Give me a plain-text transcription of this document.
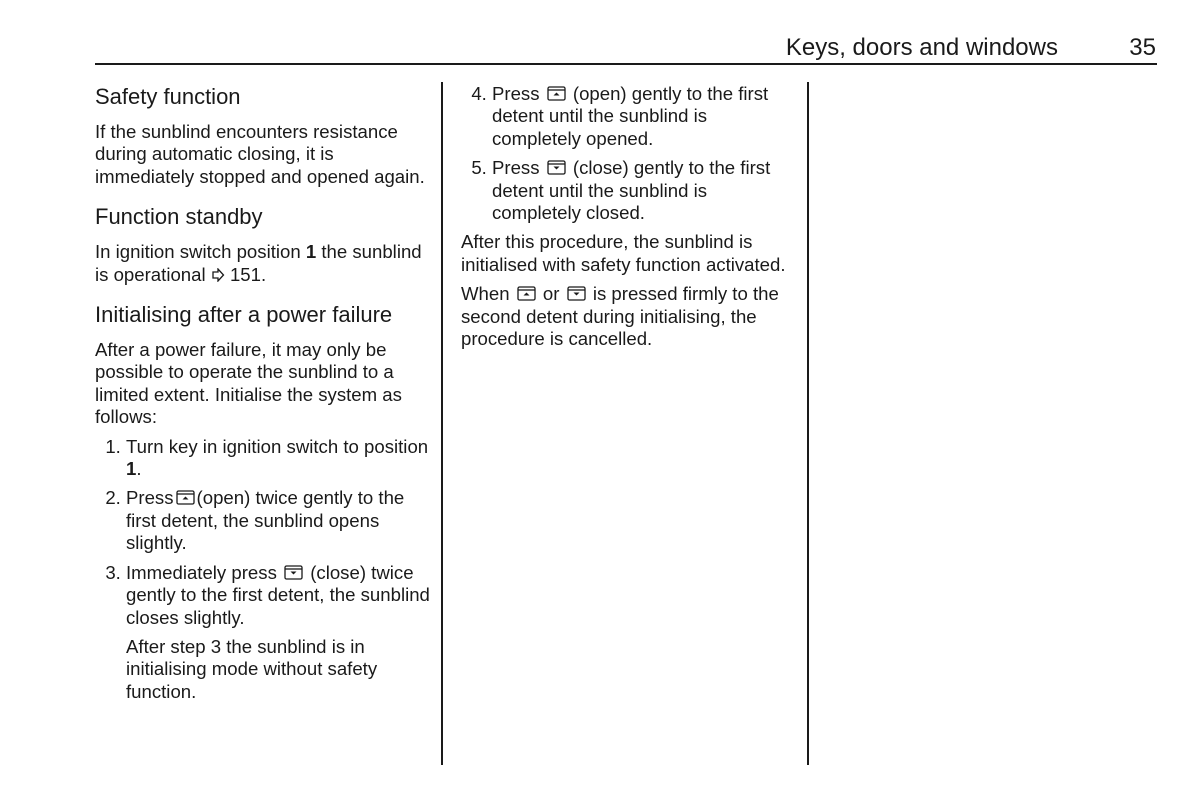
Keys, doors and windows	35
Safety function

If the sunblind encounters resistance during automatic closing, it is immediately stopped and opened again.

Function standby

In ignition switch position 1 the sunblind is operational 151.

Initialising after a power failure

After a power failure, it may only be possible to operate the sunblind to a limited extent. Initialise the system as follows:

1. Turn key in ignition switch to position 1.
2. Press (open) twice gently to the first detent, the sunblind opens slightly.
3. Immediately press (close) twice gently to the first detent, the sunblind closes slightly.

After step 3 the sunblind is in initialising mode without safety function.

4. Press (open) gently to the first detent until the sunblind is completely opened.
5. Press (close) gently to the first detent until the sunblind is completely closed.

After this procedure, the sunblind is initialised with safety function activated.

When or is pressed firmly to the second detent during initialising, the procedure is cancelled.
